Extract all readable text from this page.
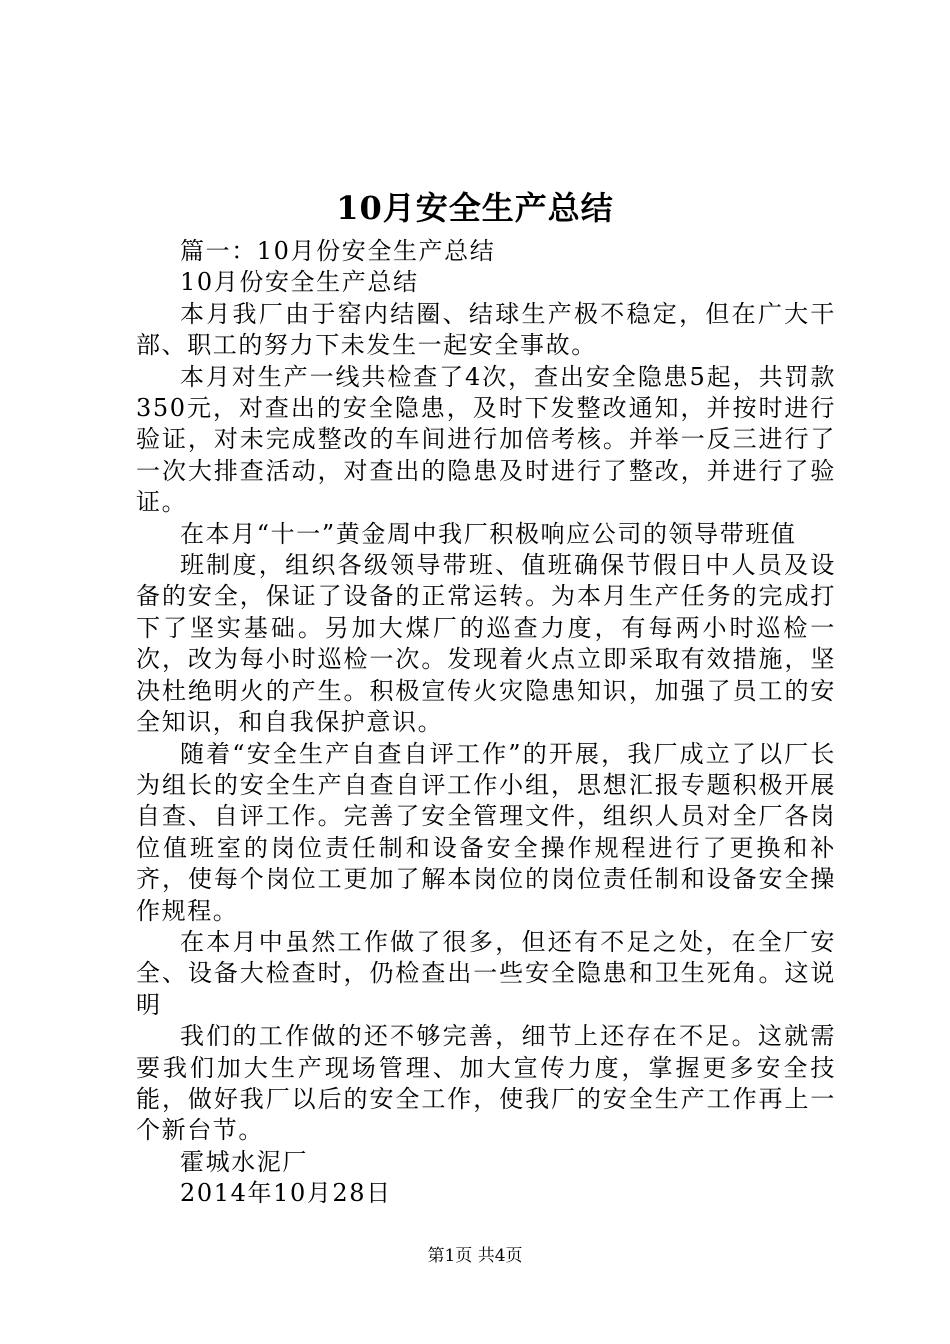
10月安全生产总结

篇一：10月份安全生产总结

10月份安全生产总结

本月我厂由于窑内结圈、结球生产极不稳定，但在广大干部、职工的努力下未发生一起安全事故。

本月对生产一线共检查了4次，查出安全隐患5起，共罚款350元，对查出的安全隐患，及时下发整改通知，并按时进行验证，对未完成整改的车间进行加倍考核。并举一反三进行了一次大排查活动，对查出的隐患及时进行了整改，并进行了验证。

在本月“十一”黄金周中我厂积极响应公司的领导带班值

班制度，组织各级领导带班、值班确保节假日中人员及设备的安全，保证了设备的正常运转。为本月生产任务的完成打下了坚实基础。另加大煤厂的巡查力度，有每两小时巡检一次，改为每小时巡检一次。发现着火点立即采取有效措施，坚决杜绝明火的产生。积极宣传火灾隐患知识，加强了员工的安全知识，和自我保护意识。

随着“安全生产自查自评工作”的开展，我厂成立了以厂长为组长的安全生产自查自评工作小组，思想汇报专题积极开展自查、自评工作。完善了安全管理文件，组织人员对全厂各岗位值班室的岗位责任制和设备安全操作规程进行了更换和补齐，使每个岗位工更加了解本岗位的岗位责任制和设备安全操作规程。

在本月中虽然工作做了很多，但还有不足之处，在全厂安全、设备大检查时，仍检查出一些安全隐患和卫生死角。这说明

我们的工作做的还不够完善，细节上还存在不足。这就需要我们加大生产现场管理、加大宣传力度，掌握更多安全技能，做好我厂以后的安全工作，使我厂的安全生产工作再上一个新台节。

霍城水泥厂

2014年10月28日

第1页 共4页
